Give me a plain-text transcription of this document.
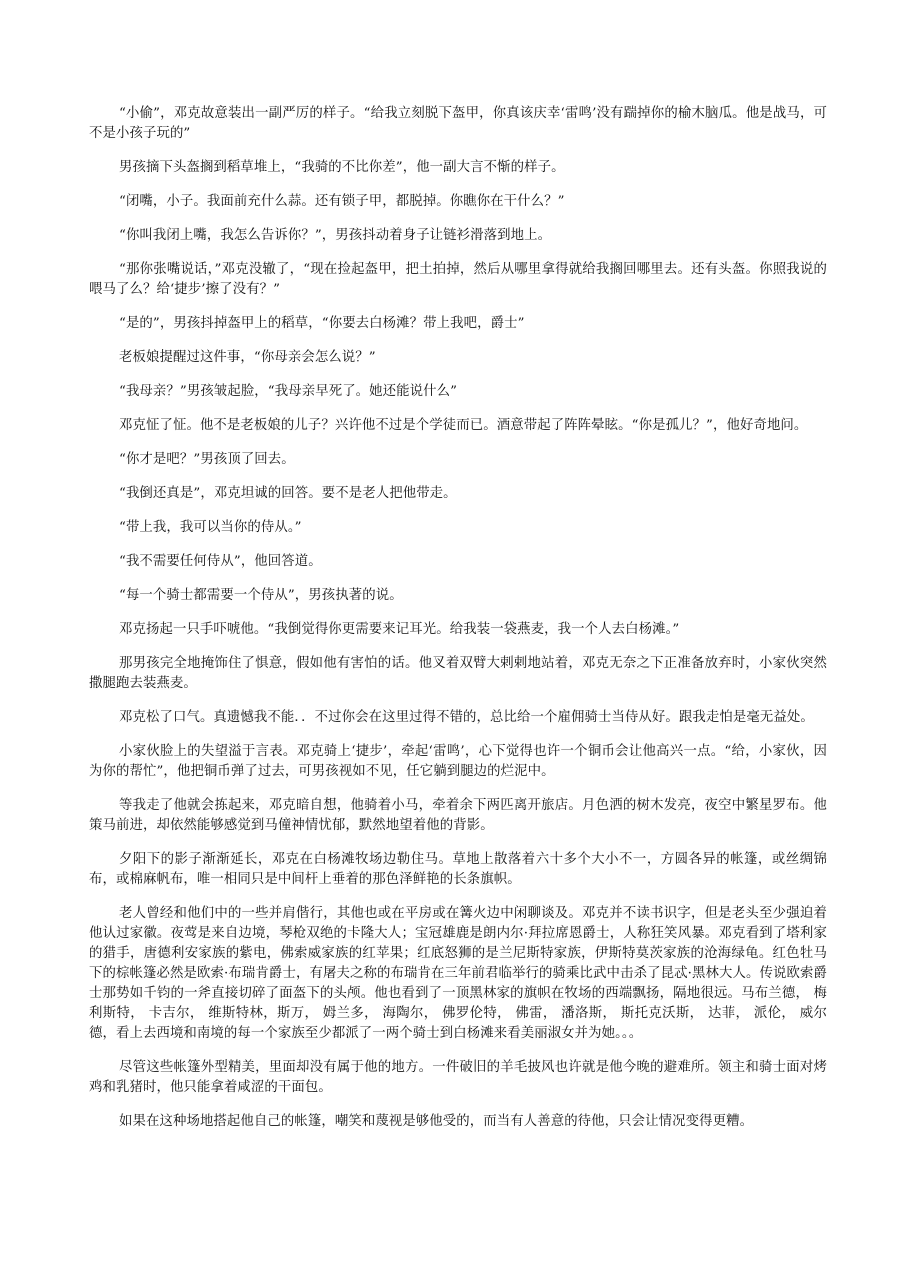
“小偷”，邓克故意装出一副严厉的样子。“给我立刻脱下盔甲，你真该庆幸‘雷鸣’没有踹掉你的榆木脑瓜。他是战马，可不是小孩子玩的”

男孩摘下头盔搁到稻草堆上，“我骑的不比你差”，他一副大言不惭的样子。

“闭嘴，小子。我面前充什么蒜。还有锁子甲，都脱掉。你瞧你在干什么？”

“你叫我闭上嘴，我怎么告诉你？”，男孩抖动着身子让链衫滑落到地上。

“那你张嘴说话，”邓克没辙了，“现在捡起盔甲，把土拍掉，然后从哪里拿得就给我搁回哪里去。还有头盔。你照我说的喂马了么？给‘捷步’擦了没有？”

“是的”，男孩抖掉盔甲上的稻草，“你要去白杨滩？带上我吧，爵士”

老板娘提醒过这件事，“你母亲会怎么说？”

“我母亲？”男孩皱起脸，“我母亲早死了。她还能说什么”

邓克怔了怔。他不是老板娘的儿子？兴许他不过是个学徒而已。酒意带起了阵阵晕眩。“你是孤儿？”，他好奇地问。

“你才是吧？”男孩顶了回去。

“我倒还真是”，邓克坦诚的回答。要不是老人把他带走。

“带上我，我可以当你的侍从。”

“我不需要任何侍从”，他回答道。

“每一个骑士都需要一个侍从”，男孩执著的说。

邓克扬起一只手吓唬他。“我倒觉得你更需要来记耳光。给我装一袋燕麦，我一个人去白杨滩。”

那男孩完全地掩饰住了惧意，假如他有害怕的话。他叉着双臂大剌剌地站着，邓克无奈之下正准备放弃时，小家伙突然撒腿跑去装燕麦。

邓克松了口气。真遗憾我不能．．不过你会在这里过得不错的，总比给一个雇佣骑士当侍从好。跟我走怕是毫无益处。

小家伙脸上的失望溢于言表。邓克骑上‘捷步’，牵起‘雷鸣’，心下觉得也许一个铜币会让他高兴一点。“给，小家伙，因为你的帮忙”，他把铜币弹了过去，可男孩视如不见，任它躺到腿边的烂泥中。

等我走了他就会拣起来，邓克暗自想，他骑着小马，牵着余下两匹离开旅店。月色洒的树木发亮，夜空中繁星罗布。他策马前进，却依然能够感觉到马僮神情忧郁，默然地望着他的背影。

夕阳下的影子渐渐延长，邓克在白杨滩牧场边勒住马。草地上散落着六十多个大小不一，方圆各异的帐篷，或丝绸锦布，或棉麻帆布，唯一相同只是中间杆上垂着的那色泽鲜艳的长条旗帜。

老人曾经和他们中的一些并肩偕行，其他也或在平房或在篝火边中闲聊谈及。邓克并不读书识字，但是老头至少强迫着他认过家徽。夜莺是来自边境，琴枪双绝的卡隆大人；宝冠雄鹿是朗内尔·拜拉席恩爵士，人称狂笑风暴。邓克看到了塔利家的猎手，唐德利安家族的紫电，佛索威家族的红苹果；红底怒狮的是兰尼斯特家族，伊斯特莫茨家族的沧海绿龟。红色牡马下的棕帐篷必然是欧索·布瑞肯爵士，有屠夫之称的布瑞肯在三年前君临举行的骑乘比武中击杀了昆忒·黑林大人。传说欧索爵士那势如千钧的一斧直接切碎了面盔下的头颅。他也看到了一顶黑林家的旗帜在牧场的西端飘扬，隔地很远。马布兰德， 梅利斯特， 卡吉尔， 维斯特林，斯万， 姆兰多， 海陶尔， 佛罗伦特， 佛雷， 潘洛斯， 斯托克沃斯， 达菲， 派伦， 威尔德，看上去西境和南境的每一个家族至少都派了一两个骑士到白杨滩来看美丽淑女并为她。。。

尽管这些帐篷外型精美，里面却没有属于他的地方。一件破旧的羊毛披风也许就是他今晚的避难所。领主和骑士面对烤鸡和乳猪时，他只能拿着咸涩的干面包。

如果在这种场地搭起他自己的帐篷，嘲笑和蔑视是够他受的，而当有人善意的待他，只会让情况变得更糟。
